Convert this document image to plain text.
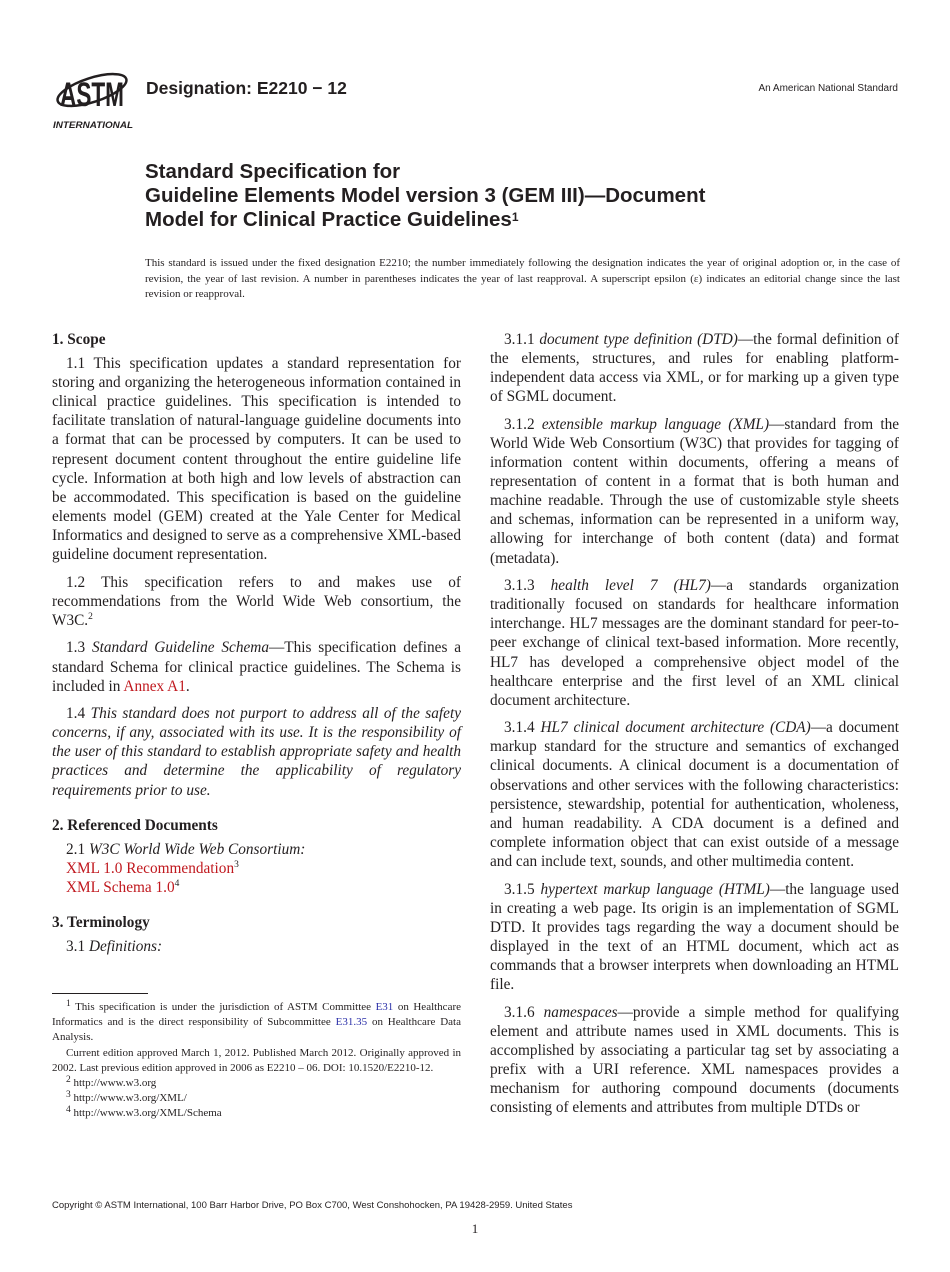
ASTM
INTERNATIONAL
Designation: E2210 − 12	An American National Standard
Standard Specification for
Guideline Elements Model version 3 (GEM III)—Document
Model for Clinical Practice Guidelines$^1$
This standard is issued under the fixed designation E2210; the number immediately following the designation indicates the year of original adoption or, in the case of revision, the year of last revision. A number in parentheses indicates the year of last reapproval. A superscript epsilon (ε) indicates an editorial change since the last revision or reapproval.
1. Scope

1.1 This specification updates a standard representation for storing and organizing the heterogeneous information contained in clinical practice guidelines. This specification is intended to facilitate translation of natural-language guideline documents into a format that can be processed by computers. It can be used to represent document content throughout the entire guideline life cycle. Information at both high and low levels of abstraction can be accommodated. This specification is based on the guideline elements model (GEM) created at the Yale Center for Medical Informatics and designed to serve as a comprehensive XML-based guideline document representation.

1.2 This specification refers to and makes use of recommendations from the World Wide Web consortium, the W3C.$^2$

1.3 Standard Guideline Schema—This specification defines a standard Schema for clinical practice guidelines. The Schema is included in Annex A1.

1.4 This standard does not purport to address all of the safety concerns, if any, associated with its use. It is the responsibility of the user of this standard to establish appropriate safety and health practices and determine the applicability of regulatory requirements prior to use.

2. Referenced Documents

2.1 W3C World Wide Web Consortium:

XML 1.0 Recommendation$^3$
XML Schema $1.0^4$
3. Terminology

3.1 Definitions:

3.1.1 document type definition (DTD)—the formal definition of the elements, structures, and rules for enabling platform-independent data access via XML, or for marking up a given type of SGML document.

3.1.2 extensible markup language (XML)—standard from the World Wide Web Consortium (W3C) that provides for tagging of information content within documents, offering a means of representation of content in a format that is both human and machine readable. Through the use of customizable style sheets and schemas, information can be represented in a uniform way, allowing for interchange of both content (data) and format (metadata).

3.1.3 health level 7 (HL7)—a standards organization traditionally focused on standards for healthcare information interchange. HL7 messages are the dominant standard for peer-to-peer exchange of clinical text-based information. More recently, HL7 has developed a comprehensive object model of the healthcare enterprise and the first level of an XML clinical document architecture.

3.1.4 HL7 clinical document architecture (CDA)—a document markup standard for the structure and semantics of exchanged clinical documents. A clinical document is a documentation of observations and other services with the following characteristics: persistence, stewardship, potential for authentication, wholeness, and human readability. A CDA document is a defined and complete information object that can exist outside of a message and can include text, sounds, and other multimedia content.

3.1.5 hypertext markup language (HTML)—the language used in creating a web page. Its origin is an implementation of SGML DTD. It provides tags regarding the way a document should be displayed in the text of an HTML document, which act as commands that a browser interprets when downloading an HTML file.

3.1.6 namespaces—provide a simple method for qualifying element and attribute names used in XML documents. This is accomplished by associating a particular tag set by associating a prefix with a URI reference. XML namespaces provides a mechanism for authoring compound documents (documents consisting of elements and attributes from multiple DTDs or

$^1$ This specification is under the jurisdiction of ASTM Committee E31 on Healthcare Informatics and is the direct responsibility of Subcommittee E31.35 on Healthcare Data Analysis.

Current edition approved March 1, 2012. Published March 2012. Originally approved in 2002. Last previous edition approved in 2006 as E2210 – 06. DOI: 10.1520/E2210-12.

$^2$ http://www.w3.org

$^3$ http://www.w3.org/XML/

$^4$ http://www.w3.org/XML/Schema

Copyright © ASTM International, 100 Barr Harbor Drive, PO Box C700, West Conshohocken, PA 19428-2959. United States
1
